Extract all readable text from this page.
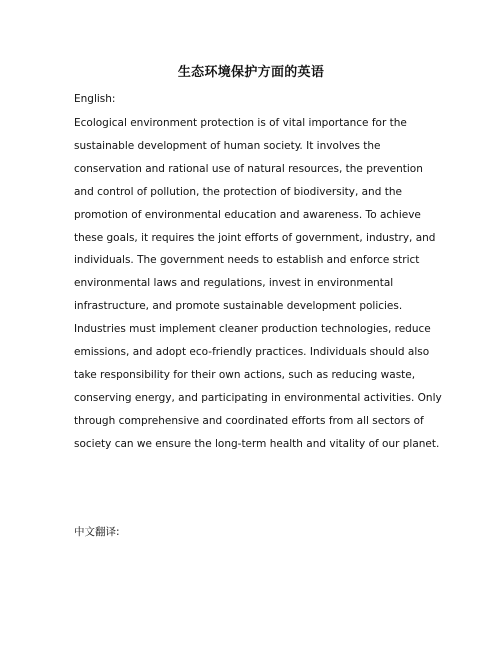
生态环境保护方面的英语
English:

Ecological environment protection is of vital importance for the
sustainable development of human society. It involves the
conservation and rational use of natural resources, the prevention
and control of pollution, the protection of biodiversity, and the
promotion of environmental education and awareness. To achieve
these goals, it requires the joint efforts of government, industry, and
individuals. The government needs to establish and enforce strict
environmental laws and regulations, invest in environmental
infrastructure, and promote sustainable development policies.
Industries must implement cleaner production technologies, reduce
emissions, and adopt eco-friendly practices. Individuals should also
take responsibility for their own actions, such as reducing waste,
conserving energy, and participating in environmental activities. Only
through comprehensive and coordinated efforts from all sectors of
society can we ensure the long-term health and vitality of our planet.

中文翻译:
